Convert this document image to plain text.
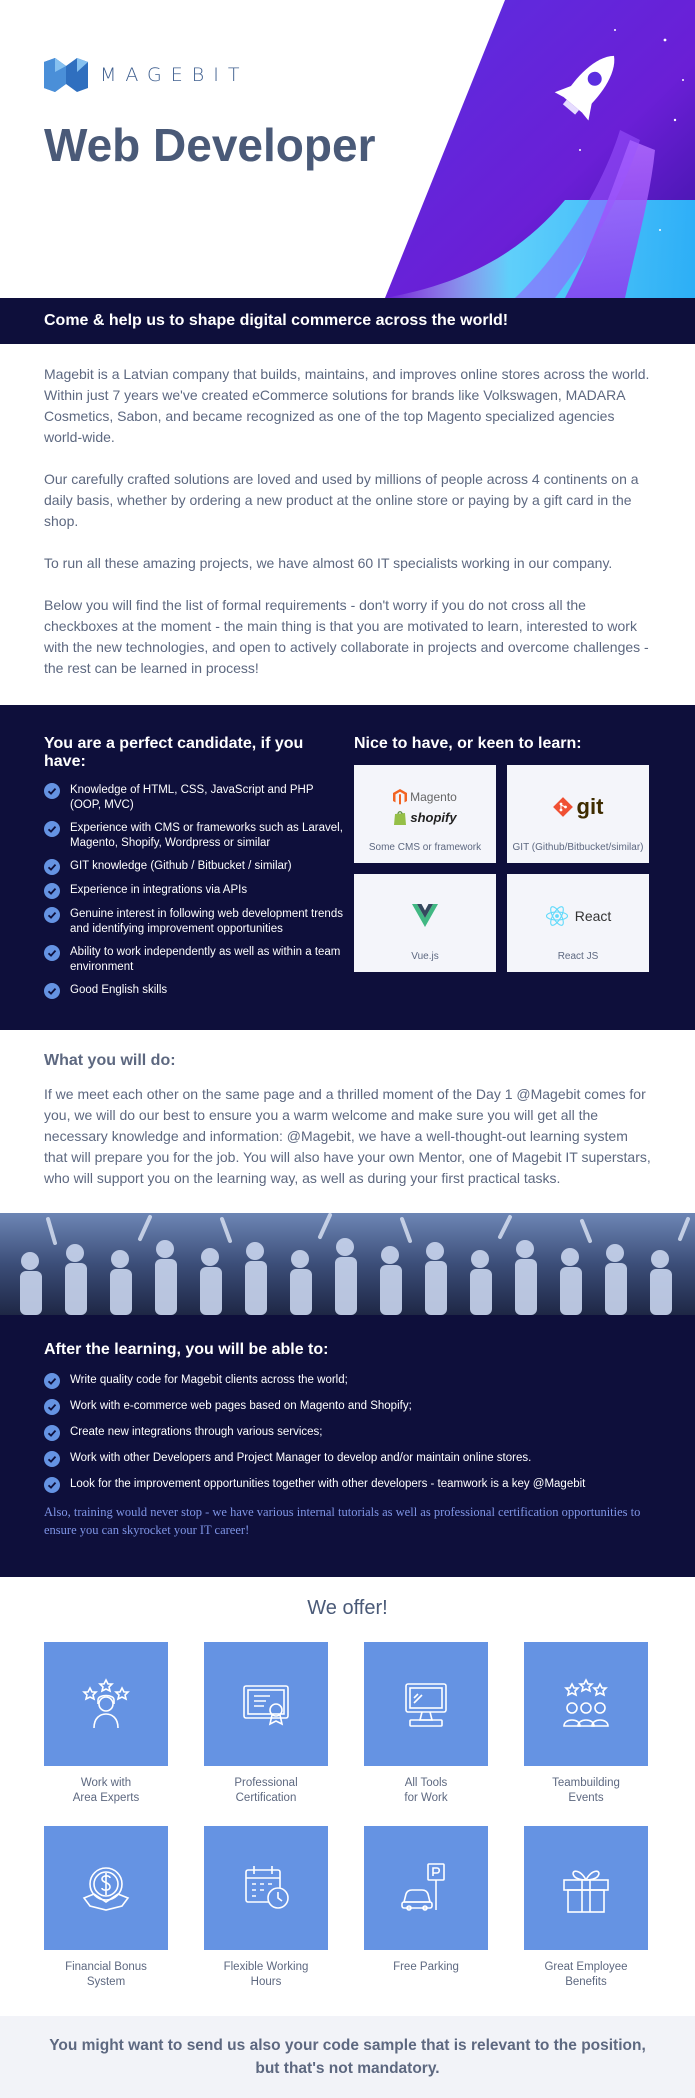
MAGEBIT
Web Developer
Come & help us to shape digital commerce across the world!

Magebit is a Latvian company that builds, maintains, and improves online stores across the world. Within just 7 years we've created eCommerce solutions for brands like Volkswagen, MADARA Cosmetics, Sabon, and became recognized as one of the top Magento specialized agencies world-wide.

Our carefully crafted solutions are loved and used by millions of people across 4 continents on a daily basis, whether by ordering a new product at the online store or paying by a gift card in the shop.

To run all these amazing projects, we have almost 60 IT specialists working in our company.

Below you will find the list of formal requirements - don't worry if you do not cross all the checkboxes at the moment - the main thing is that you are motivated to learn, interested to work with the new technologies, and open to actively collaborate in projects and overcome challenges - the rest can be learned in process!

You are a perfect candidate, if you have:
Knowledge of HTML, CSS, JavaScript and PHP (OOP, MVC)
Experience with CMS or frameworks such as Laravel, Magento, Shopify, Wordpress or similar
GIT knowledge (Github / Bitbucket / similar)
Experience in integrations via APIs
Genuine interest in following web development trends and identifying improvement opportunities
Ability to work independently as well as within a team environment
Good English skills
Nice to have, or keen to learn:
Magento
shopify
Some CMS or framework
git
GIT (Github/Bitbucket/similar)
Vue.js
React
React JS
What you will do:

If we meet each other on the same page and a thrilled moment of the Day 1 @Magebit comes for you, we will do our best to ensure you a warm welcome and make sure you will get all the necessary knowledge and information: @Magebit, we have a well-thought-out learning system that will prepare you for the job. You will also have your own Mentor, one of Magebit IT superstars, who will support you on the learning way, as well as during your first practical tasks.

After the learning, you will be able to:
Write quality code for Magebit clients across the world;
Work with e-commerce web pages based on Magento and Shopify;
Create new integrations through various services;
Work with other Developers and Project Manager to develop and/or maintain online stores.
Look for the improvement opportunities together with other developers - teamwork is a key @Magebit

Also, training would never stop - we have various internal tutorials as well as professional certification opportunities to ensure you can skyrocket your IT career!

We offer!
Work with
Area Experts
Professional
Certification
All Tools
for Work
Teambuilding
Events
Financial Bonus
System
Flexible Working
Hours
Free Parking	Great Employee
Benefits

You might want to send us also your code sample that is relevant to the position,
but that's not mandatory.
